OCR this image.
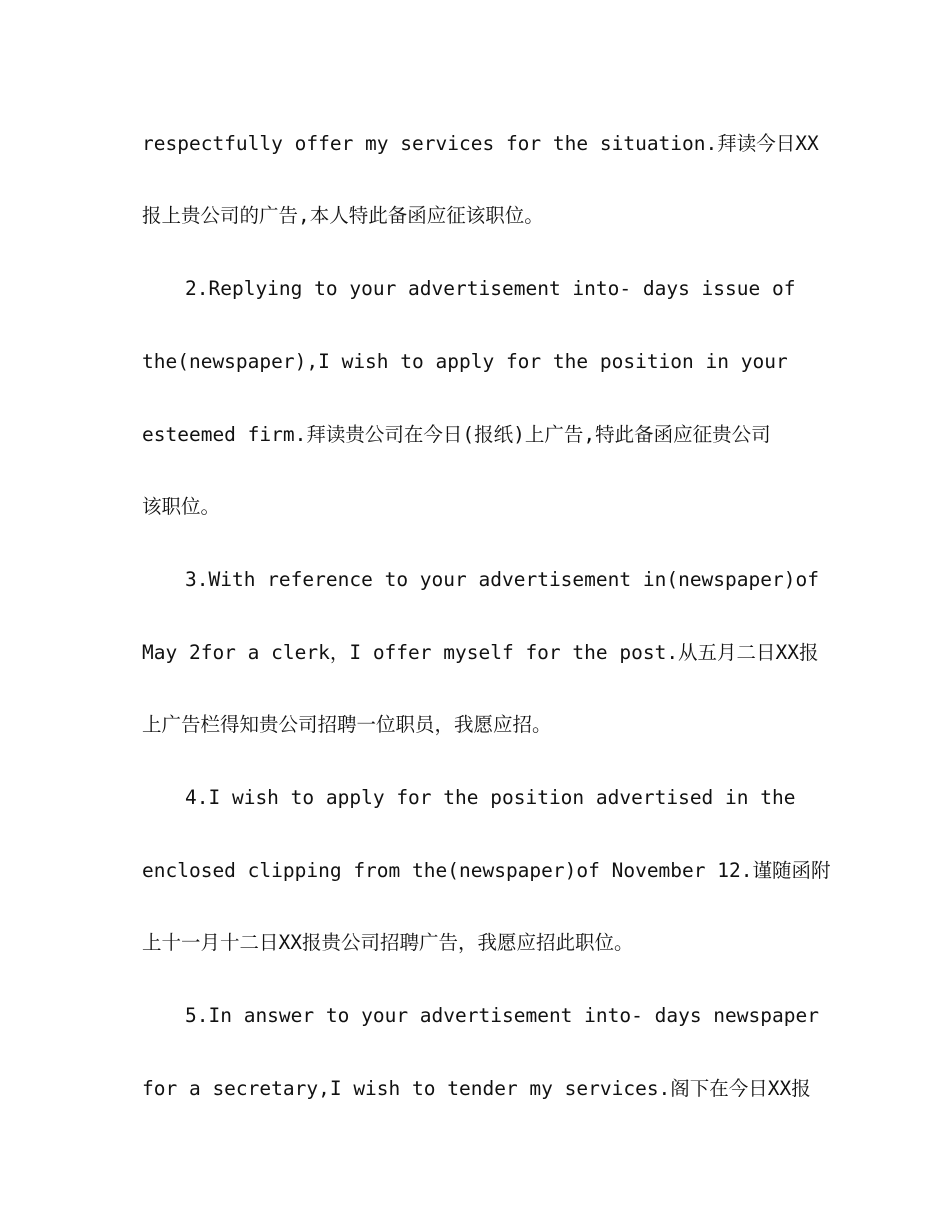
respectfully offer my services for the situation.拜读今日XX
报上贵公司的广告,本人特此备函应征该职位。
2.Replying to your advertisement into- days issue of
the(newspaper),I wish to apply for the position in your
esteemed firm.拜读贵公司在今日(报纸)上广告,特此备函应征贵公司
该职位。
3.With reference to your advertisement in(newspaper)of
May 2for a clerk，I offer myself for the post.从五月二日XX报
上广告栏得知贵公司招聘一位职员，我愿应招。
4.I wish to apply for the position advertised in the
enclosed clipping from the(newspaper)of November 12.谨随函附
上十一月十二日XX报贵公司招聘广告，我愿应招此职位。
5.In answer to your advertisement into- days newspaper
for a secretary,I wish to tender my services.阁下在今日XX报
